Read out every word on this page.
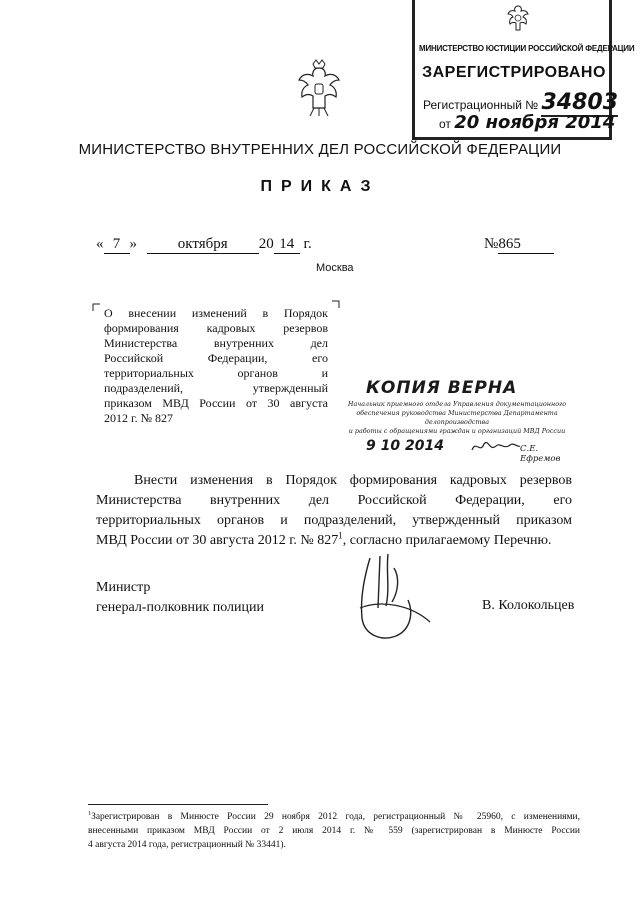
МИНИСТЕРСТВО ЮСТИЦИИ РОССИЙСКОЙ ФЕДЕРАЦИИ
ЗАРЕГИСТРИРОВАНО
Регистрационный № 34803
от 20 ноября 2014
МИНИСТЕРСТВО ВНУТРЕННИХ ДЕЛ РОССИЙСКОЙ ФЕДЕРАЦИИ
ПРИКАЗ
« 7 »	октября 20 14 г.	№865
Москва
О внесении изменений в Порядок
формирования кадровых резервов
Министерства внутренних дел
Российской Федерации, его
территориальных органов и
подразделений, утвержденный
приказом МВД России от 30 августа
2012 г. № 827
КОПИЯ ВЕРНА
Начальник приемного отдела Управления документационного
обеспечения руководства Министерства Департамента делопроизводства
и работы с обращениями граждан и организаций МВД России
9 10 2014	С.Е. Ефремов
Внести изменения в Порядок формирования кадровых резервов
Министерства внутренних дел Российской Федерации, его
территориальных органов и подразделений, утвержденный приказом
МВД России от 30 августа 2012 г. № $827^1$, согласно прилагаемому Перечню.
Министр
генерал-полковник полиции	В. Колокольцев
$^1$Зарегистрирован в Минюсте России 29 ноября 2012 года, регистрационный № 25960, с изменениями,
внесенными приказом МВД России от 2 июля 2014 г. № 559 (зарегистрирован в Минюсте России
4 августа 2014 года, регистрационный № 33441).
